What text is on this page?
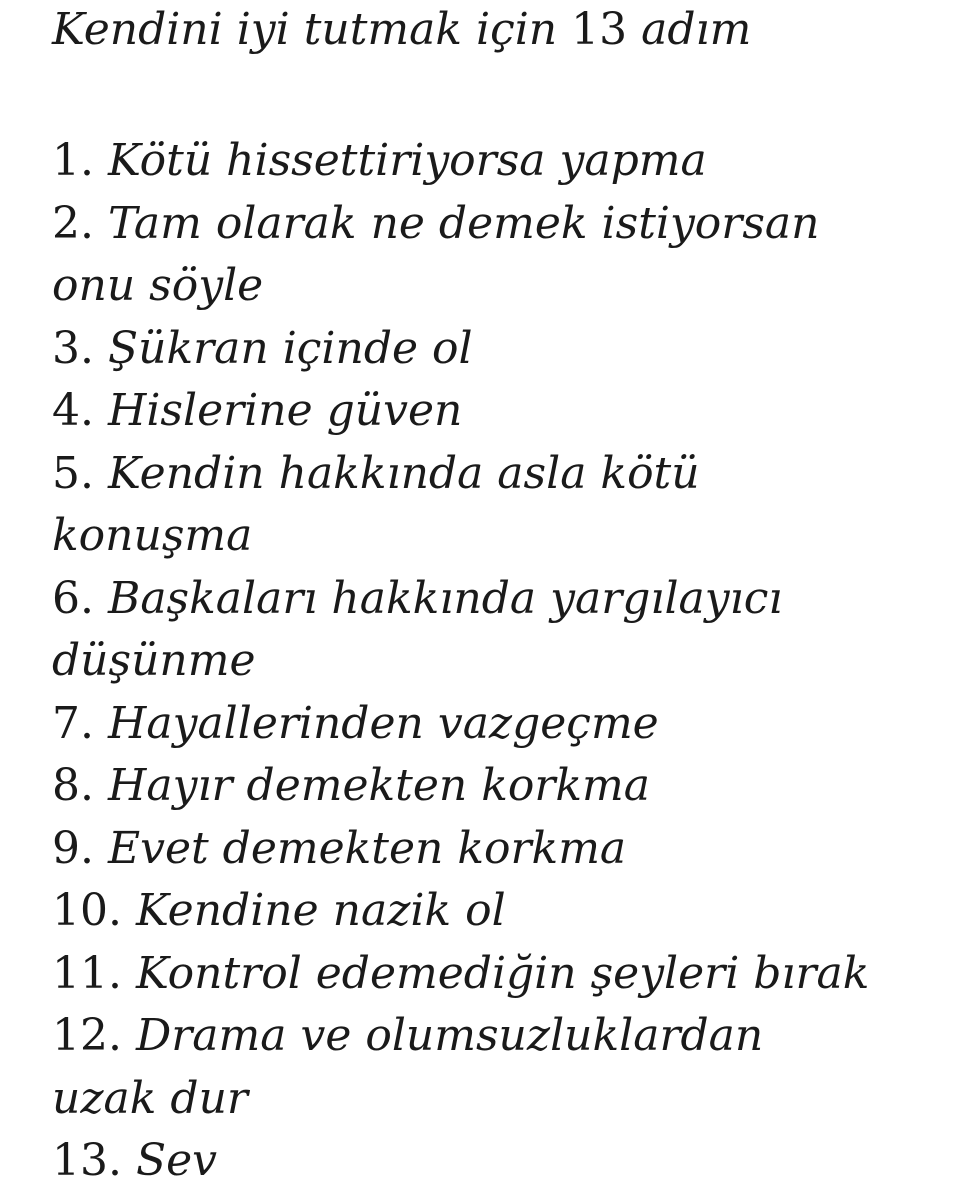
Kendini iyi tutmak için 13 adım
1. Kötü hissettiriyorsa yapma
2. Tam olarak ne demek istiyorsan
onu söyle
3. Şükran içinde ol
4. Hislerine güven
5. Kendin hakkında asla kötü
konuşma
6. Başkaları hakkında yargılayıcı
düşünme
7. Hayallerinden vazgeçme
8. Hayır demekten korkma
9. Evet demekten korkma
10. Kendine nazik ol
11. Kontrol edemediğin şeyleri bırak
12. Drama ve olumsuzluklardan
uzak dur
13. Sev
